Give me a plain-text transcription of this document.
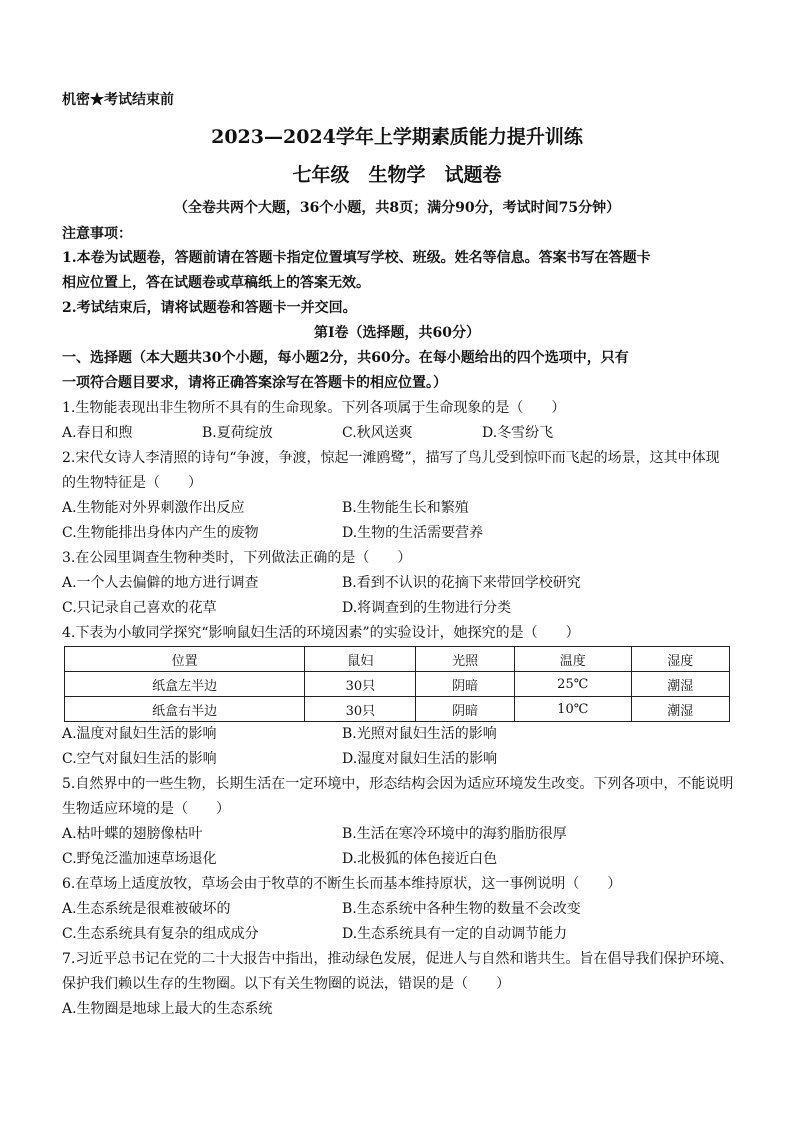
机密★考试结束前
2023—2024学年上学期素质能力提升训练
七年级　生物学　试题卷
（全卷共两个大题，36个小题，共8页；满分90分，考试时间75分钟）
注意事项：
1.本卷为试题卷，答题前请在答题卡指定位置填写学校、班级。姓名等信息。答案书写在答题卡
相应位置上，答在试题卷或草稿纸上的答案无效。
2.考试结束后，请将试题卷和答题卡一并交回。
第Ⅰ卷（选择题，共60分）
一、选择题（本大题共30个小题，每小题2分，共60分。在每小题给出的四个选项中，只有
一项符合题目要求，请将正确答案涂写在答题卡的相应位置。）
1.生物能表现出非生物所不具有的生命现象。下列各项属于生命现象的是（　　）
A.春日和煦	B.夏荷绽放	C.秋风送爽	D.冬雪纷飞
2.宋代女诗人李清照的诗句“争渡，争渡，惊起一滩鸥鹭”，描写了鸟儿受到惊吓而飞起的场景，这其中体现
的生物特征是（　　）
A.生物能对外界刺激作出反应	B.生物能生长和繁殖
C.生物能排出身体内产生的废物	D.生物的生活需要营养
3.在公园里调查生物种类时，下列做法正确的是（　　）
A.一个人去偏僻的地方进行调查	B.看到不认识的花摘下来带回学校研究
C.只记录自己喜欢的花草	D.将调查到的生物进行分类
4.下表为小敏同学探究“影响鼠妇生活的环境因素”的实验设计，她探究的是（　　）
位置	鼠妇	光照	温度	湿度
纸盒左半边	30只	阴暗	25℃	潮湿
纸盒右半边	30只	阴暗	10℃	潮湿
A.温度对鼠妇生活的影响	B.光照对鼠妇生活的影响
C.空气对鼠妇生活的影响	D.湿度对鼠妇生活的影响
5.自然界中的一些生物，长期生活在一定环境中，形态结构会因为适应环境发生改变。下列各项中，不能说明
生物适应环境的是（　　）
A.枯叶蝶的翅膀像枯叶	B.生活在寒冷环境中的海豹脂肪很厚
C.野兔泛滥加速草场退化	D.北极狐的体色接近白色
6.在草场上适度放牧，草场会由于牧草的不断生长而基本维持原状，这一事例说明（　　）
A.生态系统是很难被破坏的	B.生态系统中各种生物的数量不会改变
C.生态系统具有复杂的组成成分	D.生态系统具有一定的自动调节能力
7.习近平总书记在党的二十大报告中指出，推动绿色发展，促进人与自然和谐共生。旨在倡导我们保护环境、
保护我们赖以生存的生物圈。以下有关生物圈的说法，错误的是（　　）
A.生物圈是地球上最大的生态系统
